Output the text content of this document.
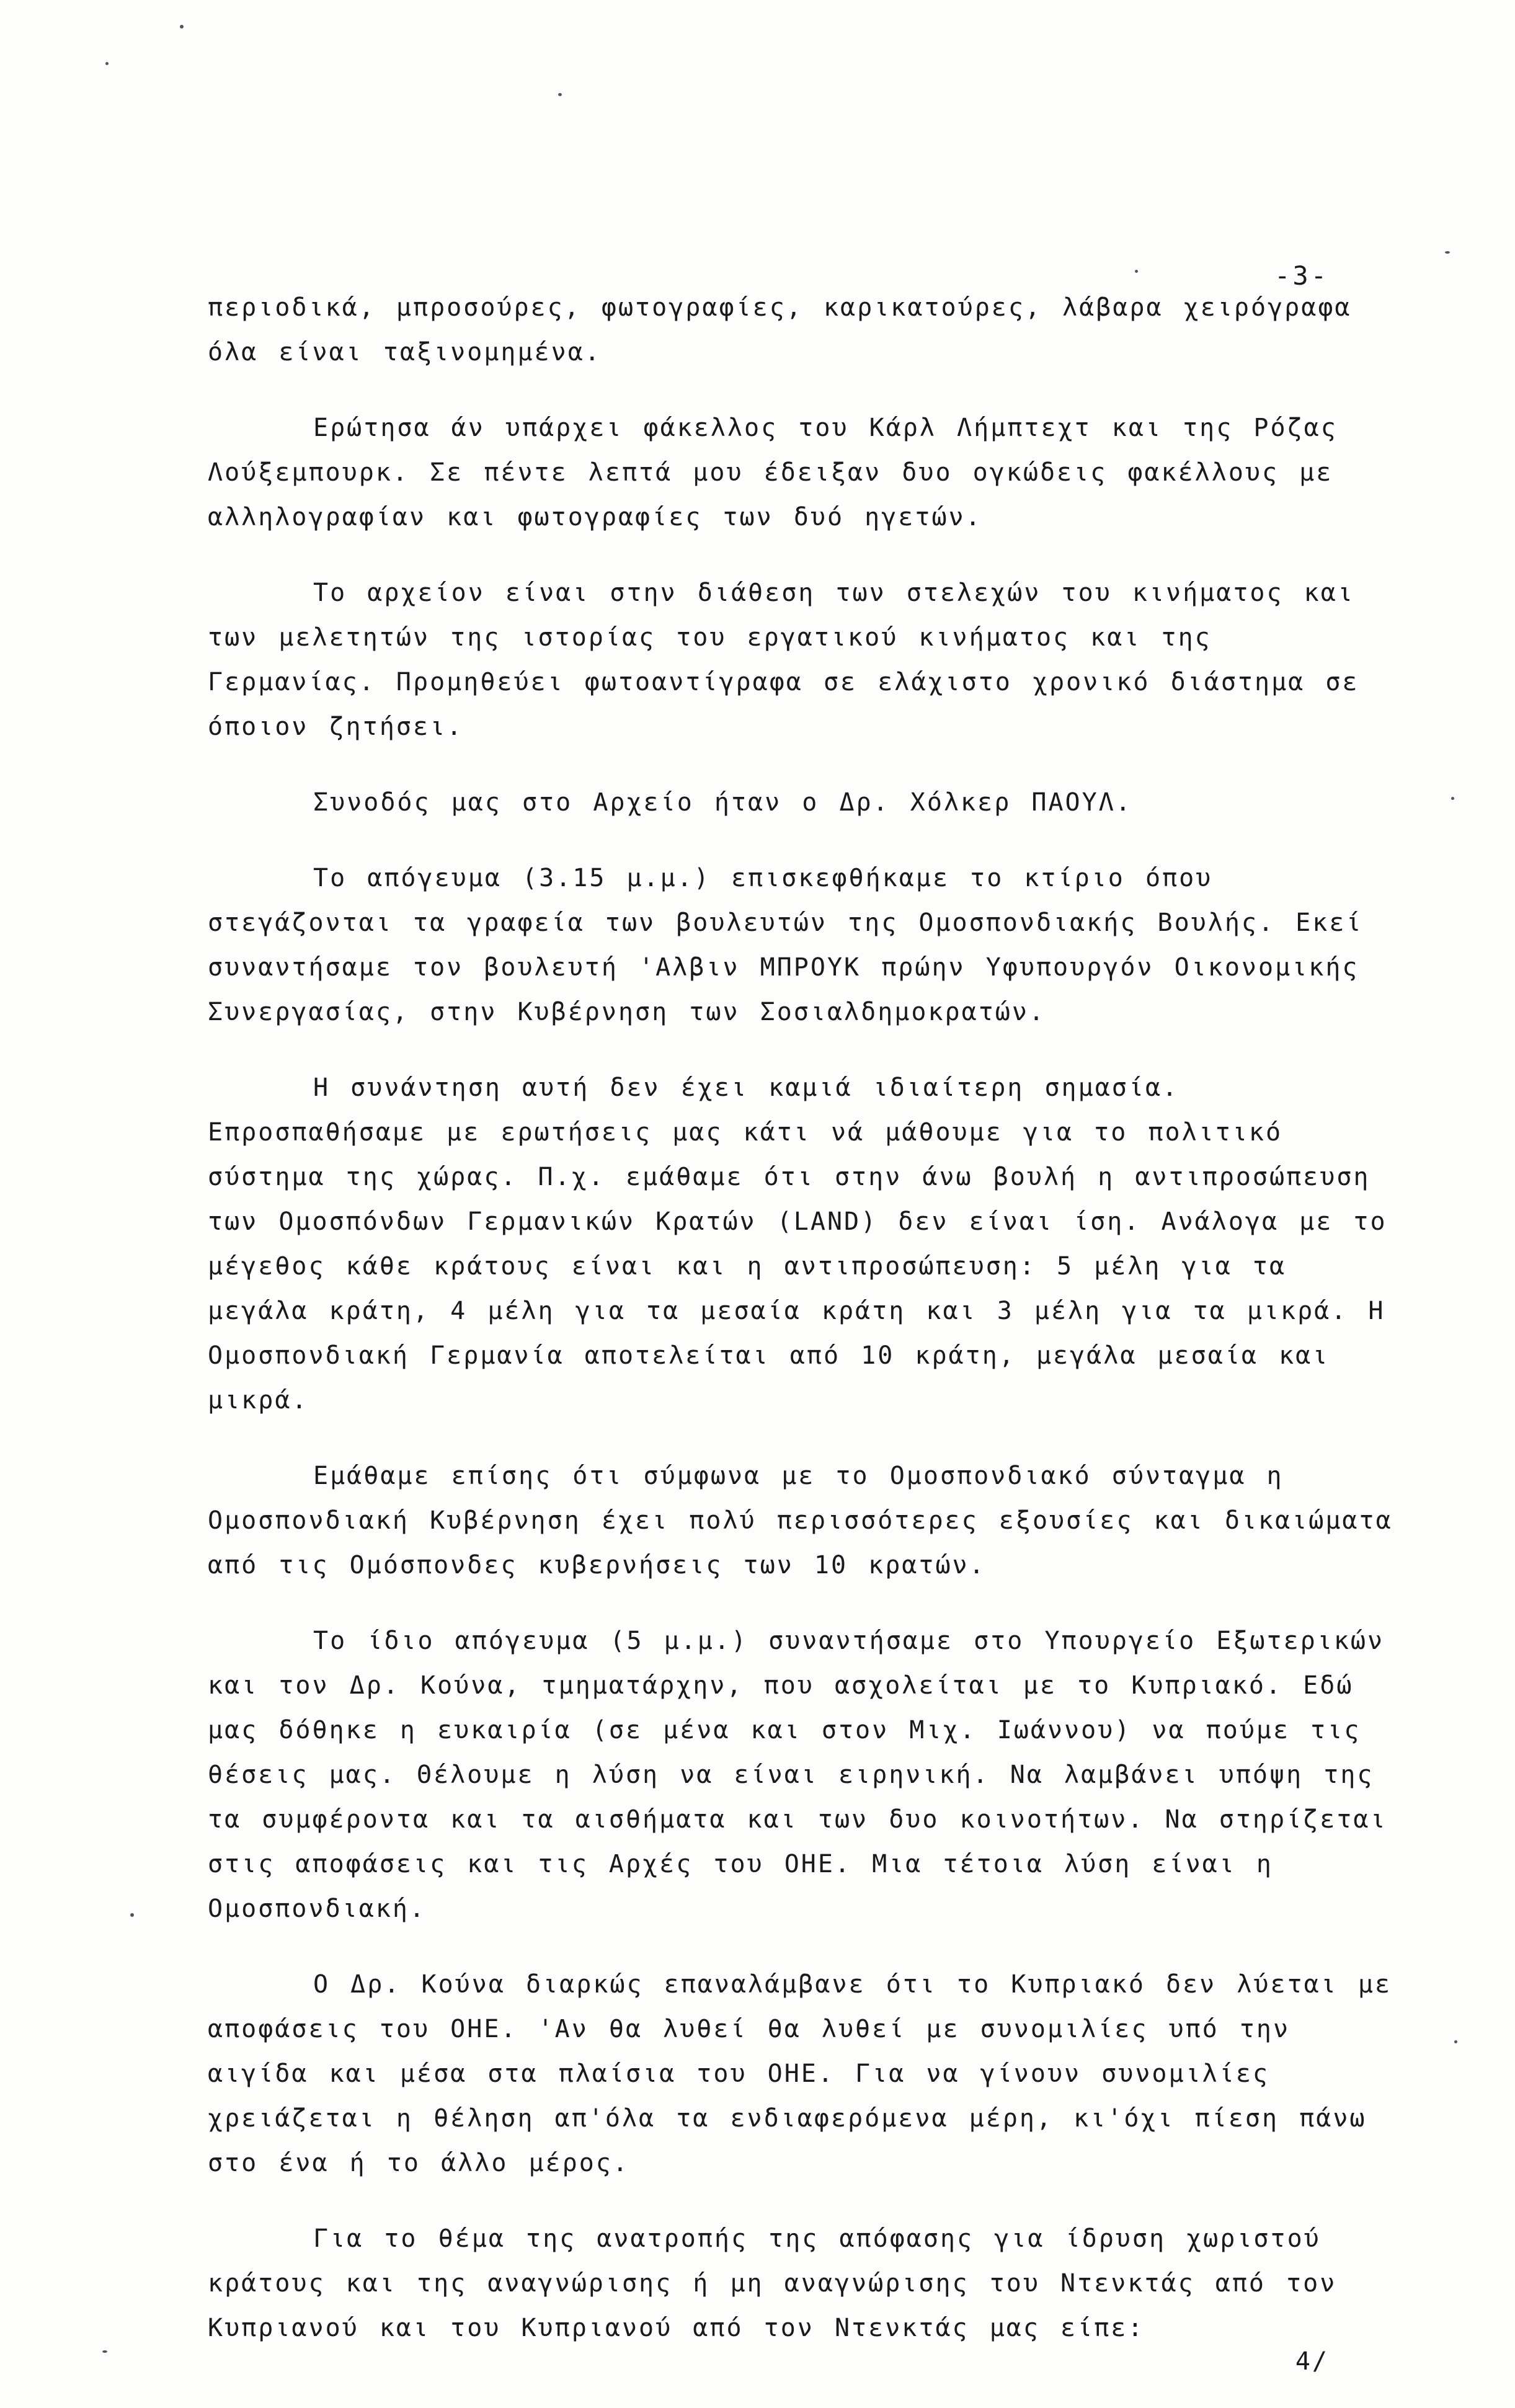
-3-

περιοδικά, μπροσούρες, φωτογραφίες, καρικατούρες, λάβαρα χειρόγραφα όλα είναι ταξινομημένα.

Ερώτησα άν υπάρχει φάκελλος του Κάρλ Λήμπτεχτ και της Ρόζας Λούξεμπουρκ. Σε πέντε λεπτά μου έδειξαν δυο ογκώδεις φακέλλους με αλληλογραφίαν και φωτογραφίες των δυό ηγετών.

Το αρχείον είναι στην διάθεση των στελεχών του κινήματος και των μελετητών της ιστορίας του εργατικού κινήματος και της Γερμανίας. Προμηθεύει φωτοαντίγραφα σε ελάχιστο χρονικό διάστημα σε όποιον ζητήσει.

Συνοδός μας στο Αρχείο ήταν ο Δρ. Χόλκερ ΠΑΟΥΛ.

Το απόγευμα (3.15 μ.μ.) επισκεφθήκαμε το κτίριο όπου στεγάζονται τα γραφεία των βουλευτών της Ομοσπονδιακής Βουλής. Εκεί συναντήσαμε τον βουλευτή 'Αλβιν ΜΠΡΟΥΚ πρώην Υφυπουργόν Οικονομικής Συνεργασίας, στην Κυβέρνηση των Σοσιαλδημοκρατών.

Η συνάντηση αυτή δεν έχει καμιά ιδιαίτερη σημασία. Επροσπαθήσαμε με ερωτήσεις μας κάτι νά μάθουμε για το πολιτικό σύστημα της χώρας. Π.χ. εμάθαμε ότι στην άνω βουλή η αντιπροσώπευση των Ομοσπόνδων Γερμανικών Κρατών (LAND) δεν είναι ίση. Ανάλογα με το μέγεθος κάθε κράτους είναι και η αντιπροσώπευση: 5 μέλη για τα μεγάλα κράτη, 4 μέλη για τα μεσαία κράτη και 3 μέλη για τα μικρά. Η Ομοσπονδιακή Γερμανία αποτελείται από 10 κράτη, μεγάλα μεσαία και μικρά.

Εμάθαμε επίσης ότι σύμφωνα με το Ομοσπονδιακό σύνταγμα η Ομοσπονδιακή Κυβέρνηση έχει πολύ περισσότερες εξουσίες και δικαιώματα από τις Ομόσπονδες κυβερνήσεις των 10 κρατών.

Το ίδιο απόγευμα (5 μ.μ.) συναντήσαμε στο Υπουργείο Εξωτερικών και τον Δρ. Κούνα, τμηματάρχην, που ασχολείται με το Κυπριακό. Εδώ μας δόθηκε η ευκαιρία (σε μένα και στον Μιχ. Ιωάννου) να πούμε τις θέσεις μας. Θέλουμε η λύση να είναι ειρηνική. Να λαμβάνει υπόψη της τα συμφέροντα και τα αισθήματα και των δυο κοινοτήτων. Να στηρίζεται στις αποφάσεις και τις Αρχές του ΟΗΕ. Μια τέτοια λύση είναι η Ομοσπονδιακή.

Ο Δρ. Κούνα διαρκώς επαναλάμβανε ότι το Κυπριακό δεν λύεται με αποφάσεις του ΟΗΕ. 'Αν θα λυθεί θα λυθεί με συνομιλίες υπό την αιγίδα και μέσα στα πλαίσια του ΟΗΕ. Για να γίνουν συνομιλίες χρειάζεται η θέληση απ'όλα τα ενδιαφερόμενα μέρη, κι'όχι πίεση πάνω στο ένα ή το άλλο μέρος.

Για το θέμα της ανατροπής της απόφασης για ίδρυση χωριστού κράτους και της αναγνώρισης ή μη αναγνώρισης του Ντενκτάς από τον Κυπριανού και του Κυπριανού από τον Ντενκτάς μας είπε:

4/
